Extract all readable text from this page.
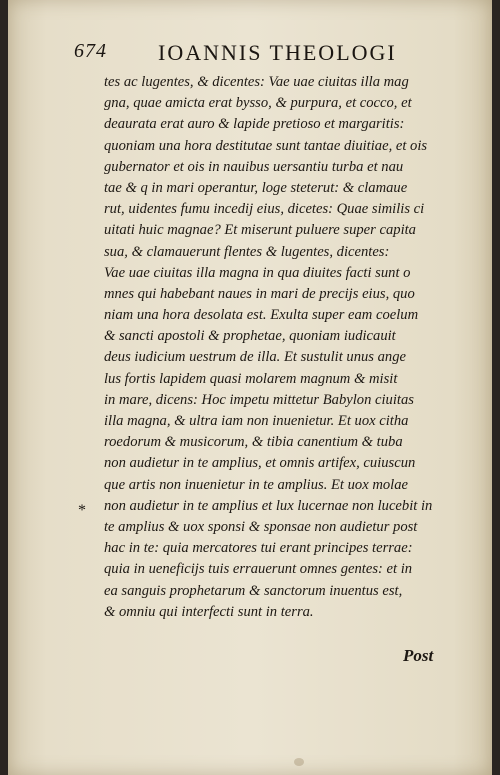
674 IOANNIS THEOLOGI
*
tes ac lugentes, & dicentes: Vae uae ciuitas illa mag
gna, quae amicta erat bysso, & purpura, et cocco, et
deaurata erat auro & lapide pretioso et margaritis:
quoniam una hora destitutae sunt tantae diuitiae, et ois
gubernator et ois in nauibus uersantiu turba et nau
tae & q in mari operantur, loge steterut: & clamaue
rut, uidentes fumu incedij eius, dicetes: Quae similis ci
uitati huic magnae? Et miserunt puluere super capita
sua, & clamauerunt flentes & lugentes, dicentes:
Vae uae ciuitas illa magna in qua diuites facti sunt o
mnes qui habebant naues in mari de precijs eius, quo
niam una hora desolata est. Exulta super eam coelum
& sancti apostoli & prophetae, quoniam iudicauit
deus iudicium uestrum de illa. Et sustulit unus ange
lus fortis lapidem quasi molarem magnum & misit
in mare, dicens: Hoc impetu mittetur Babylon ciuitas
illa magna, & ultra iam non inuenietur. Et uox citha
roedorum & musicorum, & tibia canentium & tuba
non audietur in te amplius, et omnis artifex, cuiuscun
que artis non inuenietur in te amplius. Et uox molae
non audietur in te amplius et lux lucernae non lucebit in
te amplius & uox sponsi & sponsae non audietur post
hac in te: quia mercatores tui erant principes terrae:
quia in ueneficijs tuis errauerunt omnes gentes: et in
ea sanguis prophetarum & sanctorum inuentus est,
& omniu qui interfecti sunt in terra.
Post
